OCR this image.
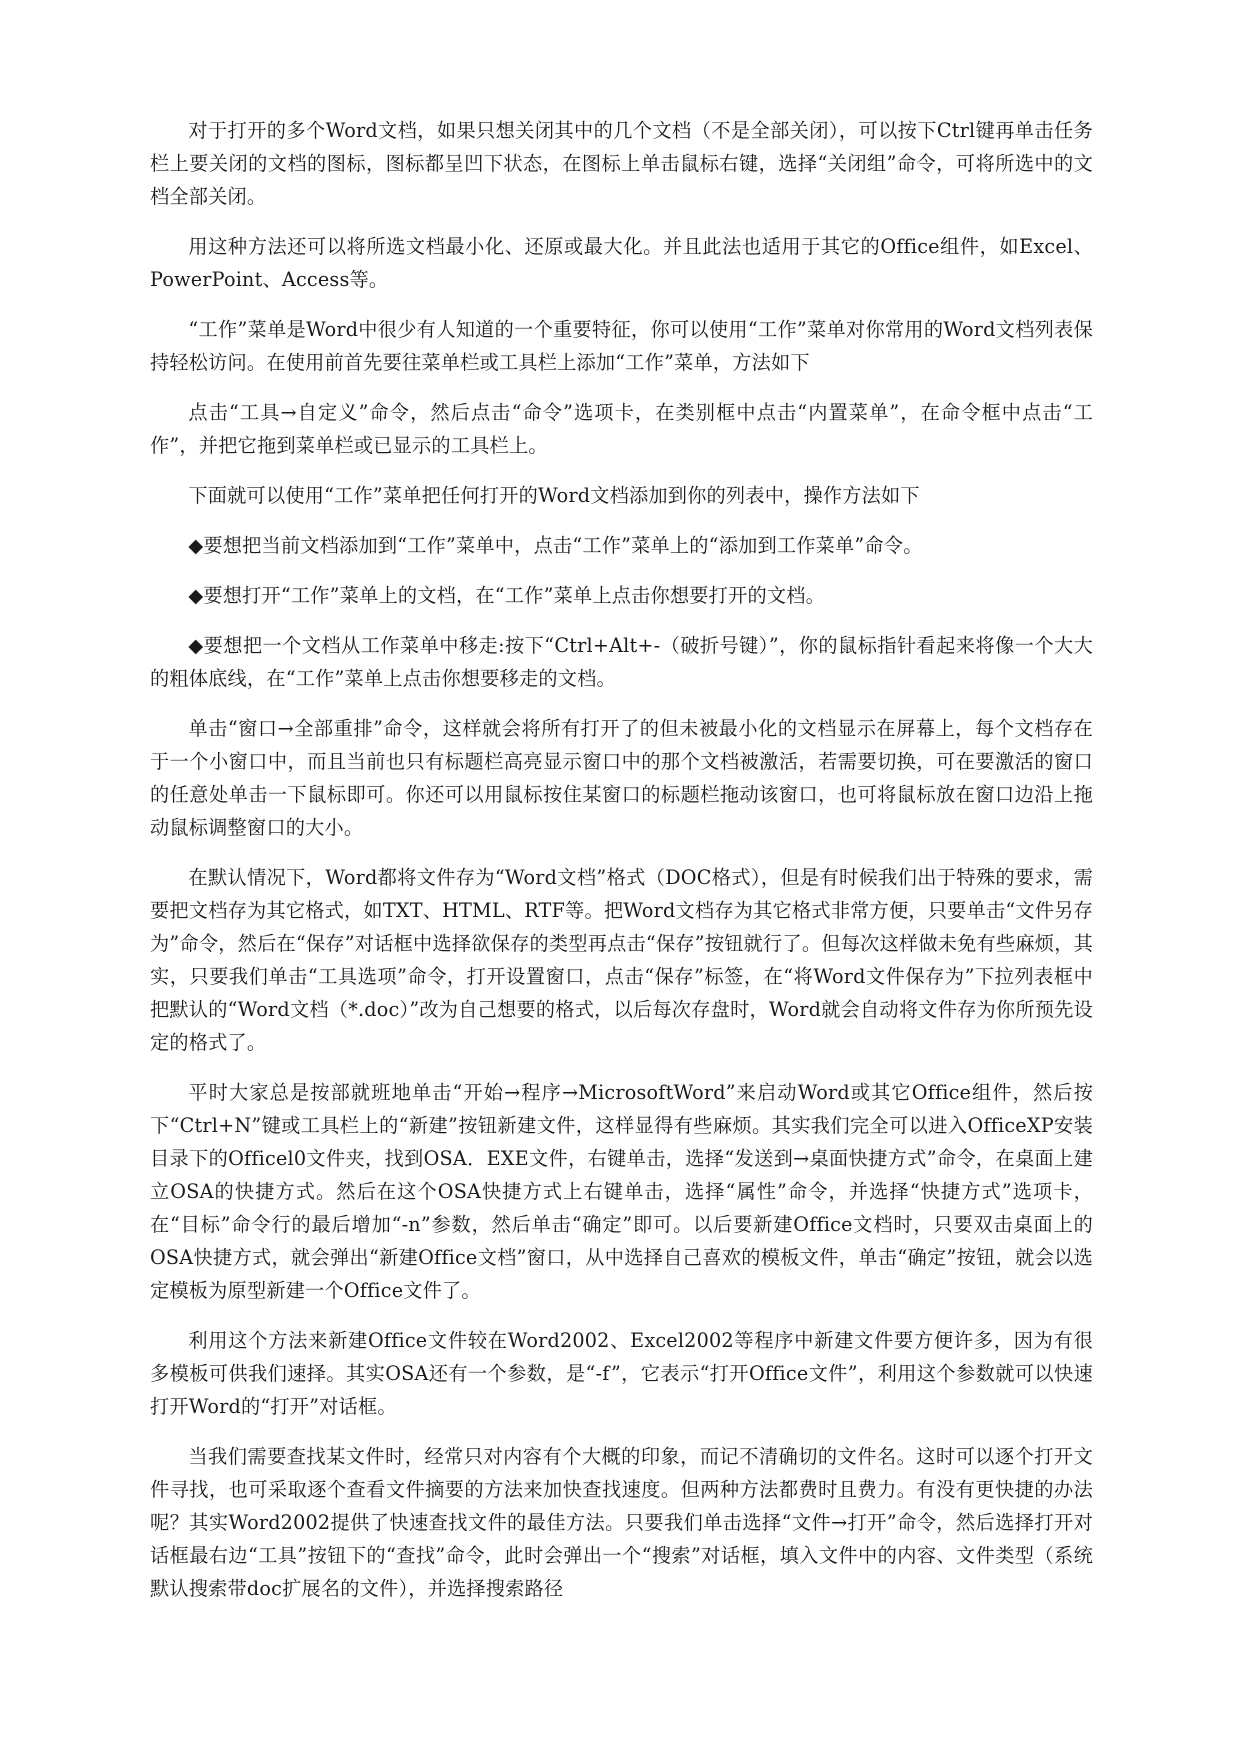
对于打开的多个Word文档，如果只想关闭其中的几个文档（不是全部关闭），可以按下Ctrl键再单击任务栏上要关闭的文档的图标，图标都呈凹下状态，在图标上单击鼠标右键，选择“关闭组”命令，可将所选中的文档全部关闭。

用这种方法还可以将所选文档最小化、还原或最大化。并且此法也适用于其它的Office组件，如Excel、PowerPoint、Access等。

“工作”菜单是Word中很少有人知道的一个重要特征，你可以使用“工作”菜单对你常用的Word文档列表保持轻松访问。在使用前首先要往菜单栏或工具栏上添加“工作”菜单，方法如下

点击“工具→自定义”命令，然后点击“命令”选项卡，在类别框中点击“内置菜单”，在命令框中点击“工作”，并把它拖到菜单栏或已显示的工具栏上。

下面就可以使用“工作”菜单把任何打开的Word文档添加到你的列表中，操作方法如下

◆要想把当前文档添加到“工作”菜单中，点击“工作”菜单上的“添加到工作菜单”命令。

◆要想打开“工作”菜单上的文档，在“工作”菜单上点击你想要打开的文档。

◆要想把一个文档从工作菜单中移走:按下“Ctrl+Alt+-（破折号键）”，你的鼠标指针看起来将像一个大大的粗体底线，在“工作”菜单上点击你想要移走的文档。

单击“窗口→全部重排”命令，这样就会将所有打开了的但未被最小化的文档显示在屏幕上，每个文档存在于一个小窗口中，而且当前也只有标题栏高亮显示窗口中的那个文档被激活，若需要切换，可在要激活的窗口的任意处单击一下鼠标即可。你还可以用鼠标按住某窗口的标题栏拖动该窗口，也可将鼠标放在窗口边沿上拖动鼠标调整窗口的大小。

在默认情况下，Word都将文件存为“Word文档”格式（DOC格式），但是有时候我们出于特殊的要求，需要把文档存为其它格式，如TXT、HTML、RTF等。把Word文档存为其它格式非常方便，只要单击“文件另存为”命令，然后在“保存”对话框中选择欲保存的类型再点击“保存”按钮就行了。但每次这样做未免有些麻烦，其实，只要我们单击“工具选项”命令，打开设置窗口，点击“保存”标签，在“将Word文件保存为”下拉列表框中把默认的“Word文档（*.doc）”改为自己想要的格式，以后每次存盘时，Word就会自动将文件存为你所预先设定的格式了。

平时大家总是按部就班地单击“开始→程序→MicrosoftWord”来启动Word或其它Office组件，然后按下“Ctrl+N”键或工具栏上的“新建”按钮新建文件，这样显得有些麻烦。其实我们完全可以进入OfficeXP安装目录下的Officel0文件夹，找到OSA．EXE文件，右键单击，选择“发送到→桌面快捷方式”命令，在桌面上建立OSA的快捷方式。然后在这个OSA快捷方式上右键单击，选择“属性”命令，并选择“快捷方式”选项卡，在“目标”命令行的最后增加“-n”参数，然后单击“确定”即可。以后要新建Office文档时，只要双击桌面上的OSA快捷方式，就会弹出“新建Office文档”窗口，从中选择自己喜欢的模板文件，单击“确定”按钮，就会以选定模板为原型新建一个Office文件了。

利用这个方法来新建Office文件较在Word2002、Excel2002等程序中新建文件要方便许多，因为有很多模板可供我们速择。其实OSA还有一个参数，是“-f”，它表示“打开Office文件”，利用这个参数就可以快速打开Word的“打开”对话框。

当我们需要查找某文件时，经常只对内容有个大概的印象，而记不清确切的文件名。这时可以逐个打开文件寻找，也可采取逐个查看文件摘要的方法来加快查找速度。但两种方法都费时且费力。有没有更快捷的办法呢？其实Word2002提供了快速查找文件的最佳方法。只要我们单击选择“文件→打开”命令，然后选择打开对话框最右边“工具”按钮下的“查找”命令，此时会弹出一个“搜索”对话框，填入文件中的内容、文件类型（系统默认搜索带doc扩展名的文件），并选择搜索路径
